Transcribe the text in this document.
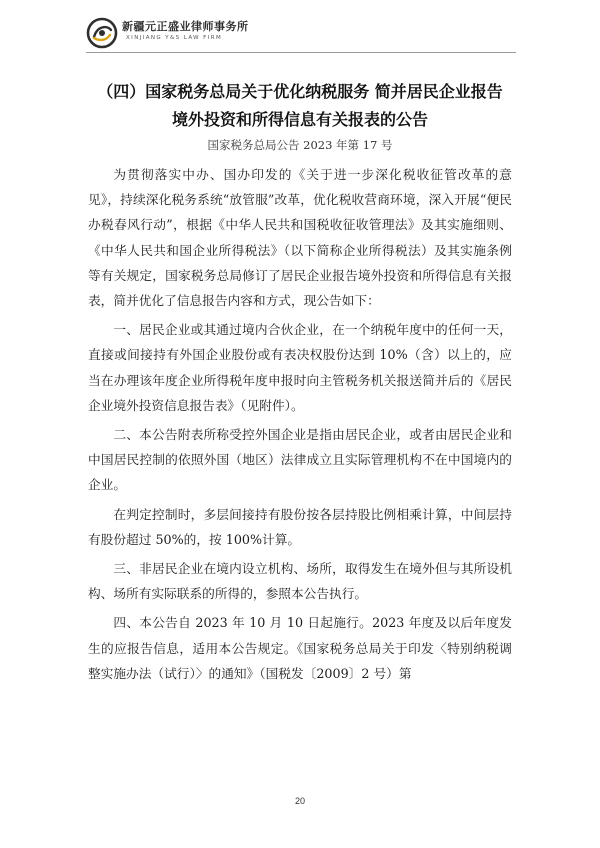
新疆元正盛业律师事务所
XINJIANG Y&S LAW FIRM
（四）国家税务总局关于优化纳税服务 简并居民企业报告
境外投资和所得信息有关报表的公告
国家税务总局公告 2023 年第 17 号

为贯彻落实中办、国办印发的《关于进一步深化税收征管改革的意见》，持续深化税务系统“放管服”改革，优化税收营商环境，深入开展“便民办税春风行动”，根据《中华人民共和国税收征收管理法》及其实施细则、《中华人民共和国企业所得税法》（以下简称企业所得税法）及其实施条例等有关规定，国家税务总局修订了居民企业报告境外投资和所得信息有关报表，简并优化了信息报告内容和方式，现公告如下：

一、居民企业或其通过境内合伙企业，在一个纳税年度中的任何一天，直接或间接持有外国企业股份或有表决权股份达到 10%（含）以上的，应当在办理该年度企业所得税年度申报时向主管税务机关报送简并后的《居民企业境外投资信息报告表》（见附件）。

二、本公告附表所称受控外国企业是指由居民企业，或者由居民企业和中国居民控制的依照外国（地区）法律成立且实际管理机构不在中国境内的企业。

在判定控制时，多层间接持有股份按各层持股比例相乘计算，中间层持有股份超过 50%的，按 100%计算。

三、非居民企业在境内设立机构、场所，取得发生在境外但与其所设机构、场所有实际联系的所得的，参照本公告执行。

四、本公告自 2023 年 10 月 10 日起施行。2023 年度及以后年度发生的应报告信息，适用本公告规定。《国家税务总局关于印发〈特别纳税调整实施办法（试行）〉的通知》（国税发〔2009〕2 号）第

20
